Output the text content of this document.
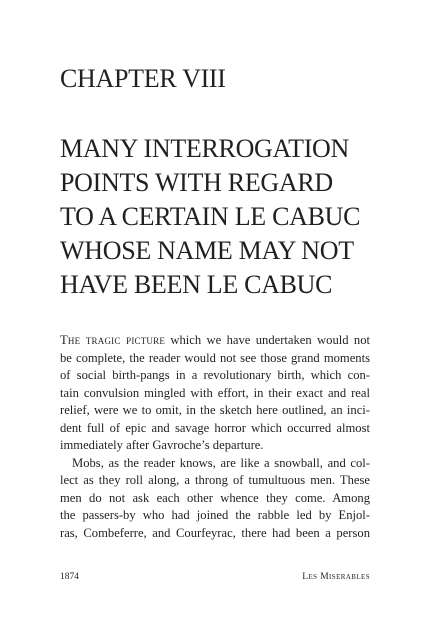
CHAPTER VIII
MANY INTERROGATION
POINTS WITH REGARD
TO A CERTAIN LE CABUC
WHOSE NAME MAY NOT
HAVE BEEN LE CABUC
The tragic picture which we have undertaken would not
be complete, the reader would not see those grand moments
of social birth-pangs in a revolutionary birth, which con-
tain convulsion mingled with effort, in their exact and real
relief, were we to omit, in the sketch here outlined, an inci-
dent full of epic and savage horror which occurred almost
immediately after Gavroche’s departure.
Mobs, as the reader knows, are like a snowball, and col-
lect as they roll along, a throng of tumultuous men. These
men do not ask each other whence they come. Among
the passers-by who had joined the rabble led by Enjol-
ras, Combeferre, and Courfeyrac, there had been a person
1874	Les Miserables
